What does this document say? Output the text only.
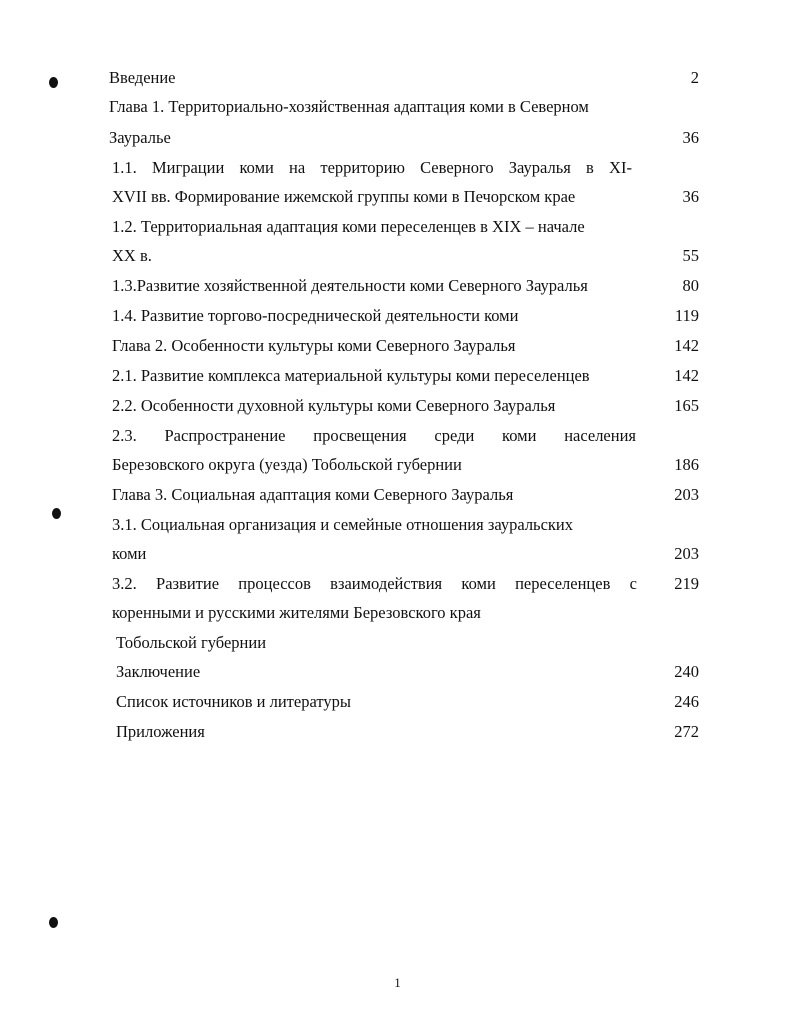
Введение	2
Глава 1. Территориально-хозяйственная адаптация коми в Северном
Зауралье	36
1.1. Миграции коми на территорию Северного Зауралья в XI-
XVII вв. Формирование ижемской группы коми в Печорском крае	36
1.2. Территориальная адаптация коми переселенцев в XIX – начале
XX в.	55
1.3.Развитие хозяйственной деятельности коми Северного Зауралья	80
1.4. Развитие торгово-посреднической деятельности коми	119
Глава 2. Особенности культуры коми Северного Зауралья	142
2.1. Развитие комплекса материальной культуры коми переселенцев	142
2.2. Особенности духовной культуры коми Северного Зауралья	165
2.3. Распространение просвещения среди коми населения
Березовского округа (уезда) Тобольской губернии	186
Глава 3. Социальная адаптация коми Северного Зауралья	203
3.1. Социальная организация и семейные отношения зауральских
коми	203
3.2. Развитие процессов взаимодействия коми переселенцев с	219
коренными и русскими жителями Березовского края
Тобольской губернии
Заключение	240
Список источников и литературы	246
Приложения	272
1
